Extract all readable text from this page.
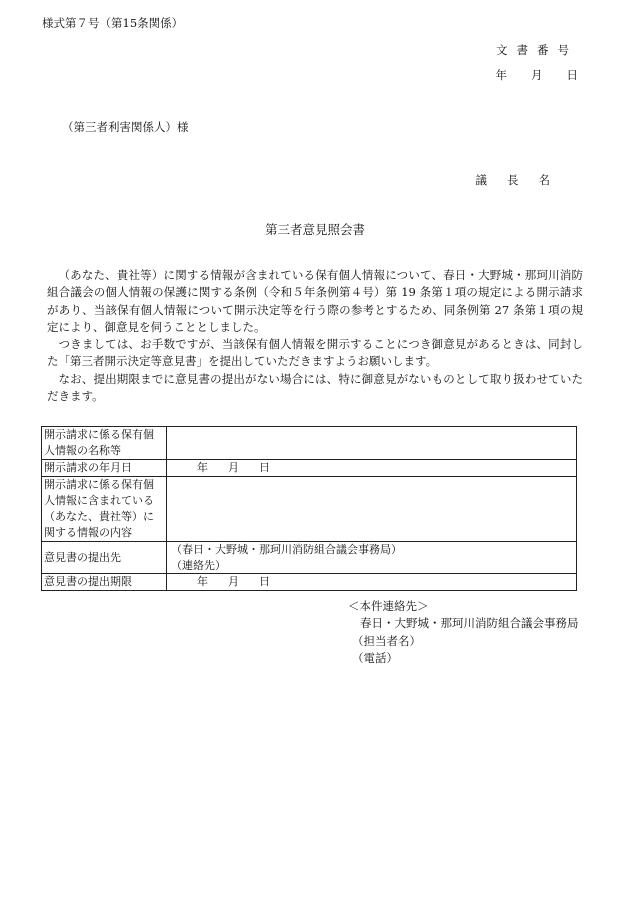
様式第７号（第15条関係）
文書番号
年 月 日
（第三者利害関係人）様
議長名
第三者意見照会書

（あなた、貴社等）に関する情報が含まれている保有個人情報について、春日・大野城・那珂川消防組合議会の個人情報の保護に関する条例（令和５年条例第４号）第 19 条第１項の規定による開示請求があり、当該保有個人情報について開示決定等を行う際の参考とするため、同条例第 27 条第１項の規定により、御意見を伺うこととしました。

つきましては、お手数ですが、当該保有個人情報を開示することにつき御意見があるときは、同封した「第三者開示決定等意見書」を提出していただきますようお願いします。

なお、提出期限までに意見書の提出がない場合には、特に御意見がないものとして取り扱わせていただきます。

開示請求に係る保有個人情報の名称等	
開示請求の年月日	年 月 日
開示請求に係る保有個人情報に含まれている（あなた、貴社等）に関する情報の内容	
意見書の提出先	（春日・大野城・那珂川消防組合議会事務局）
（連絡先）

意見書の提出期限	年 月 日
＜本件連絡先＞
春日・大野城・那珂川消防組合議会事務局
（担当者名）
（電話）
